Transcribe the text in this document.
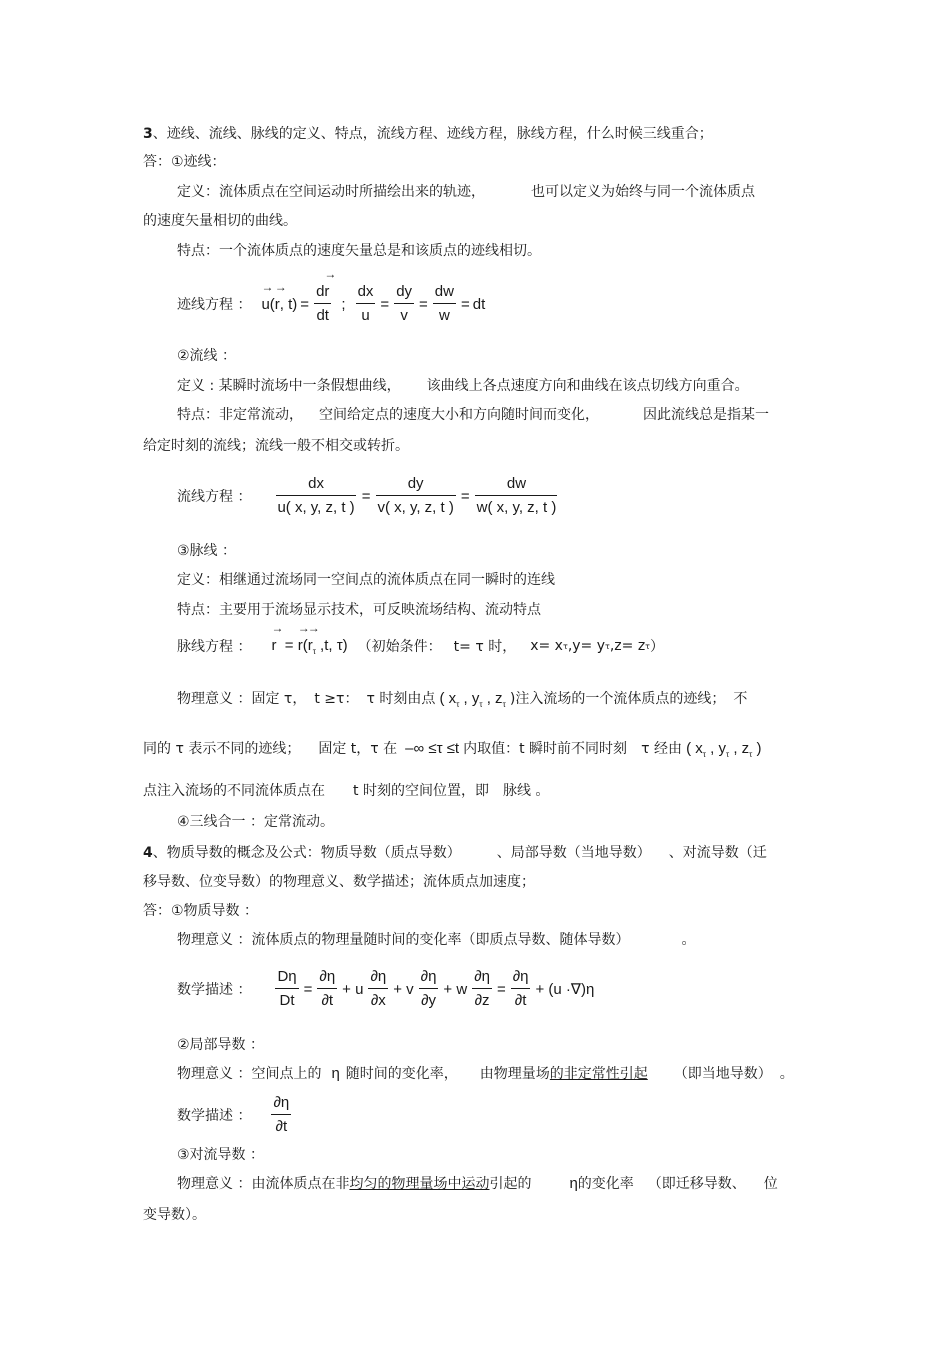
3、迹线、流线、脉线的定义、特点，流线方程、迹线方程，脉线方程，什么时候三线重合；
答：①迹线：
定义：流体质点在空间运动时所描绘出来的轨迹，	也可以定义为始终与同一个流体质点
的速度矢量相切的曲线。
特点：一个流体质点的速度矢量总是和该质点的迹线相切。
迹线方程 ： → u(→ r, $t) = \frac{d\to r}{dt}$ ; $\frac{dx}{u} = \frac{dy}{v} = \frac{dw}{w}$ = dt
②流线 ：
定义 : 某瞬时流场中一条假想曲线， 该曲线上各点速度方向和曲线在该点切线方向重合。
特点：非定常流动， 空间给定点的速度大小和方向随时间而变化，	因此流线总是指某一
给定时刻的流线；流线一般不相交或转折。
流线方程 ： $\frac{dx}{u( x, y, z, t )} = \frac{dy}{v( x, y, z, t )} = \frac{dw}{w( x, y, z, t )}$
③脉线 ：
定义：相继通过流场同一空间点的流体质点在同一瞬时的连线
特点：主要用于流场显示技术，可反映流场结构、流动特点
脉线方程 ： → r  = → $r(\to r_\tau$ ,t, τ) （初始条件： t= τ 时， x= x τ ,y= y τ ,z= z τ ）
物理意义 ：固定 τ， t ≥τ： τ 时刻由点 ( $x_\tau$ , $y_\tau$ , $z_\tau$ )注入流场的一个流体质点的迹线； 不
同的 τ 表示不同的迹线； 固定 t，τ 在 –∞ ≤τ ≤t 内取值：t 瞬时前不同时刻 τ 经由 ( $x_\tau$ , $y_\tau$ , $z_\tau$ )
点注入流场的不同流体质点在 t 时刻的空间位置，即 脉线 。
④三线合一 ：定常流动。
4、物质导数的概念及公式：物质导数（质点导数）	、局部导数（当地导数） 、对流导数（迁
移导数、位变导数）的物理意义、数学描述；流体质点加速度；
答：①物质导数 ：
物理意义 ：流体质点的物理量随时间的变化率（即质点导数、随体导数）	。
数学描述 ： $\frac{D\eta}{Dt} = \frac{\partial\eta}{\partial t} + u \frac{\partial\eta}{\partial x} + v \frac{\partial\eta}{\partial y} + w \frac{\partial\eta}{\partial z} = \frac{\partial\eta}{\partial t} + (u \cdot\nabla)\eta$
②局部导数 ：
物理意义 ：空间点上的 η 随时间的变化率， 由物理量场的非定常性引起 （即当地导数） 。
数学描述 ： $\frac{\partial\eta}{\partial t}$
③对流导数 ：
物理意义 ：由流体质点在非均匀的物理量场中运动引起的	η的变化率 （即迁移导数、 位
变导数）。
